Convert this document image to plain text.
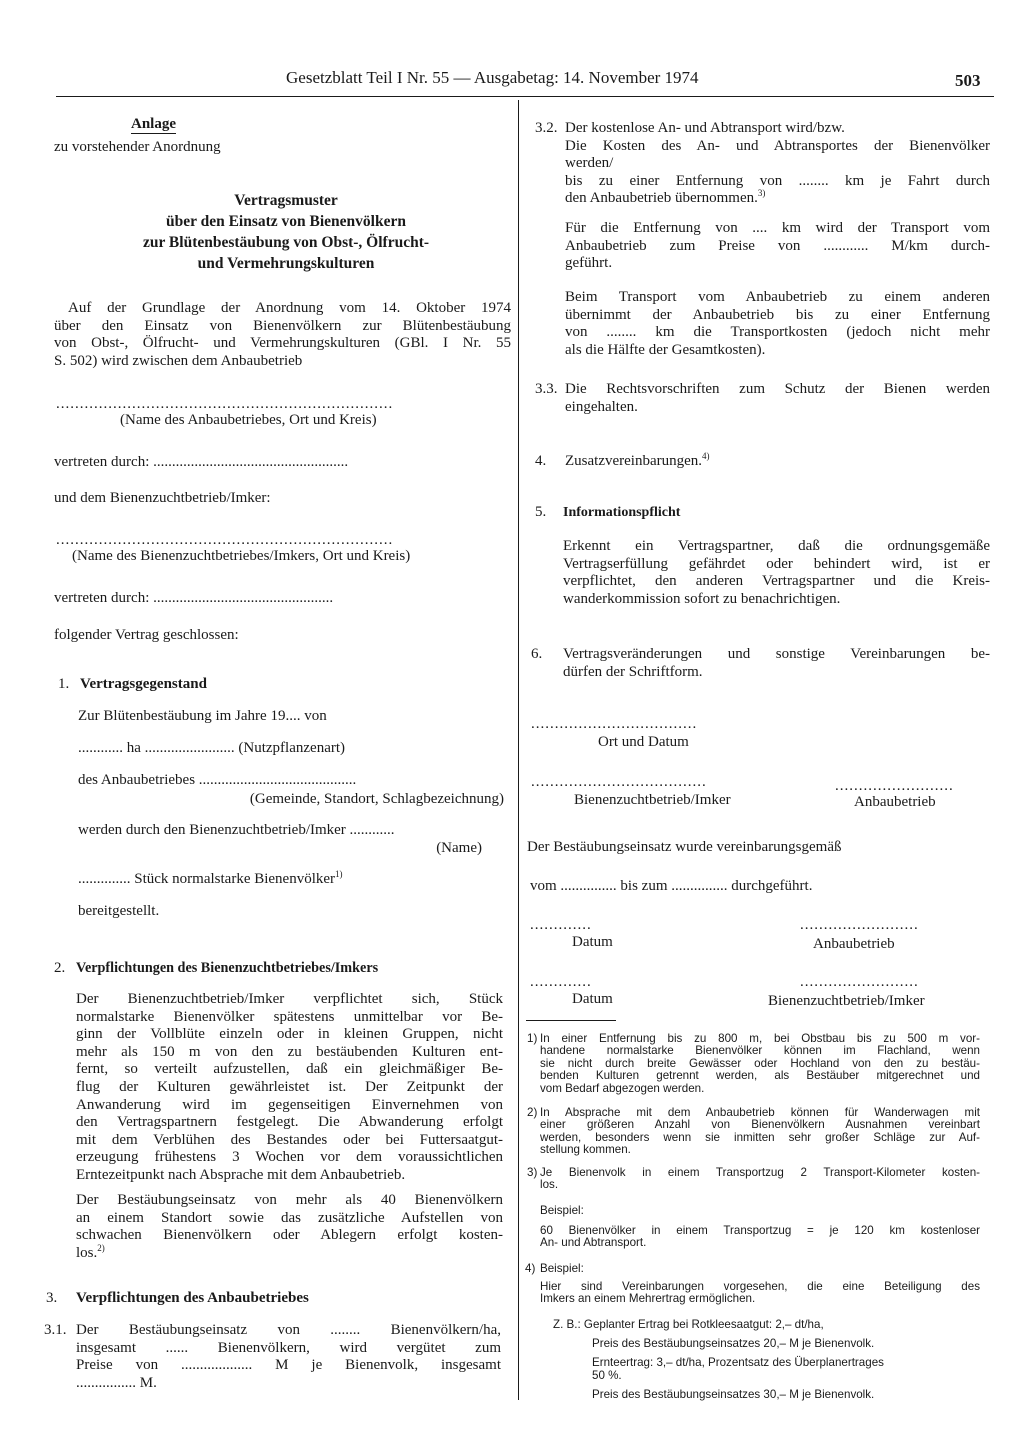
Gesetzblatt Teil I Nr. 55 — Ausgabetag: 14. November 1974	503
Anlage
zu vorstehender Anordnung
Vertragsmuster
über den Einsatz von Bienenvölkern
zur Blütenbestäubung von Obst-, Ölfrucht-
und Vermehrungskulturen
Auf der Grundlage der Anordnung vom 14. Oktober 1974
über den Einsatz von Bienenvölkern zur Blütenbestäubung
von Obst-, Ölfrucht- und Vermehrungskulturen (GBl. I Nr. 55
S. 502) wird zwischen dem Anbaubetrieb
.......................................................................
(Name des Anbaubetriebes, Ort und Kreis)
vertreten durch: ....................................................
und dem Bienenzuchtbetrieb/Imker:
.......................................................................
(Name des Bienenzuchtbetriebes/Imkers, Ort und Kreis)
vertreten durch: ................................................
folgender Vertrag geschlossen:
1. Vertragsgegenstand
Zur Blütenbestäubung im Jahre 19.... von
............ ha ........................ (Nutzpflanzenart)
des Anbaubetriebes ..........................................
(Gemeinde, Standort, Schlagbezeichnung)
werden durch den Bienenzuchtbetrieb/Imker ............
(Name)
.............. Stück normalstarke Bienenvölker$^{1)}$
bereitgestellt.
2. Verpflichtungen des Bienenzuchtbetriebes/Imkers
Der Bienenzuchtbetrieb/Imker verpflichtet sich, Stück
normalstarke Bienenvölker spätestens unmittelbar vor Be-
ginn der Vollblüte einzeln oder in kleinen Gruppen, nicht
mehr als 150 m von den zu bestäubenden Kulturen ent-
fernt, so verteilt aufzustellen, daß ein gleichmäßiger Be-
flug der Kulturen gewährleistet ist. Der Zeitpunkt der
Anwanderung wird im gegenseitigen Einvernehmen von
den Vertragspartnern festgelegt. Die Abwanderung erfolgt
mit dem Verblühen des Bestandes oder bei Futtersaatgut-
erzeugung frühestens 3 Wochen vor dem voraussichtlichen
Erntezeitpunkt nach Absprache mit dem Anbaubetrieb.
Der Bestäubungseinsatz von mehr als 40 Bienenvölkern
an einem Standort sowie das zusätzliche Aufstellen von
schwachen Bienenvölkern oder Ablegern erfolgt kosten-
los.$^{2)}$
3. Verpflichtungen des Anbaubetriebes
3.1. Der Bestäubungseinsatz von ........ Bienenvölkern/ha,
insgesamt ...... Bienenvölkern, wird vergütet zum
Preise von ................... M je Bienenvolk, insgesamt
................ M.
3.2. Der kostenlose An- und Abtransport wird/bzw.
Die Kosten des An- und Abtransportes der Bienenvölker
werden/
bis zu einer Entfernung von ........ km je Fahrt durch
den Anbaubetrieb übernommen.$^{3)}$
Für die Entfernung von .... km wird der Transport vom
Anbaubetrieb zum Preise von ............ M/km durch-
geführt.
Beim Transport vom Anbaubetrieb zu einem anderen
übernimmt der Anbaubetrieb bis zu einer Entfernung
von ........ km die Transportkosten (jedoch nicht mehr
als die Hälfte der Gesamtkosten).
3.3. Die Rechtsvorschriften zum Schutz der Bienen werden
eingehalten.
4. Zusatzvereinbarungen.$^{4)}$
5. Informationspflicht
Erkennt ein Vertragspartner, daß die ordnungsgemäße
Vertragserfüllung gefährdet oder behindert wird, ist er
verpflichtet, den anderen Vertragspartner und die Kreis-
wanderkommission sofort zu benachrichtigen.
6. Vertragsveränderungen und sonstige Vereinbarungen be-
dürfen der Schriftform.
...................................
Ort und Datum
.....................................	.........................
Bienenzuchtbetrieb/Imker	Anbaubetrieb
Der Bestäubungseinsatz wurde vereinbarungsgemäß
vom ............... bis zum ............... durchgeführt.
.............	.........................
Datum	Anbaubetrieb
.............	.........................
Datum	Bienenzuchtbetrieb/Imker
1) In einer Entfernung bis zu 800 m, bei Obstbau bis zu 500 m vor-
handene normalstarke Bienenvölker können im Flachland, wenn
sie nicht durch breite Gewässer oder Hochland von den zu bestäu-
benden Kulturen getrennt werden, als Bestäuber mitgerechnet und
vom Bedarf abgezogen werden.
2) In Absprache mit dem Anbaubetrieb können für Wanderwagen mit
einer größeren Anzahl von Bienenvölkern Ausnahmen vereinbart
werden, besonders wenn sie inmitten sehr großer Schläge zur Auf-
stellung kommen.
3) Je Bienenvolk in einem Transportzug 2 Transport-Kilometer kosten-
los.
Beispiel:
60 Bienenvölker in einem Transportzug = je 120 km kostenloser
An- und Abtransport.
4) Beispiel:
Hier sind Vereinbarungen vorgesehen, die eine Beteiligung des
Imkers an einem Mehrertrag ermöglichen.
Z. B.: Geplanter Ertrag bei Rotkleesaatgut: 2,– dt/ha,
Preis des Bestäubungseinsatzes 20,– M je Bienenvolk.
Ernteertrag: 3,– dt/ha, Prozentsatz des Überplanertrages
50 %.
Preis des Bestäubungseinsatzes 30,– M je Bienenvolk.
